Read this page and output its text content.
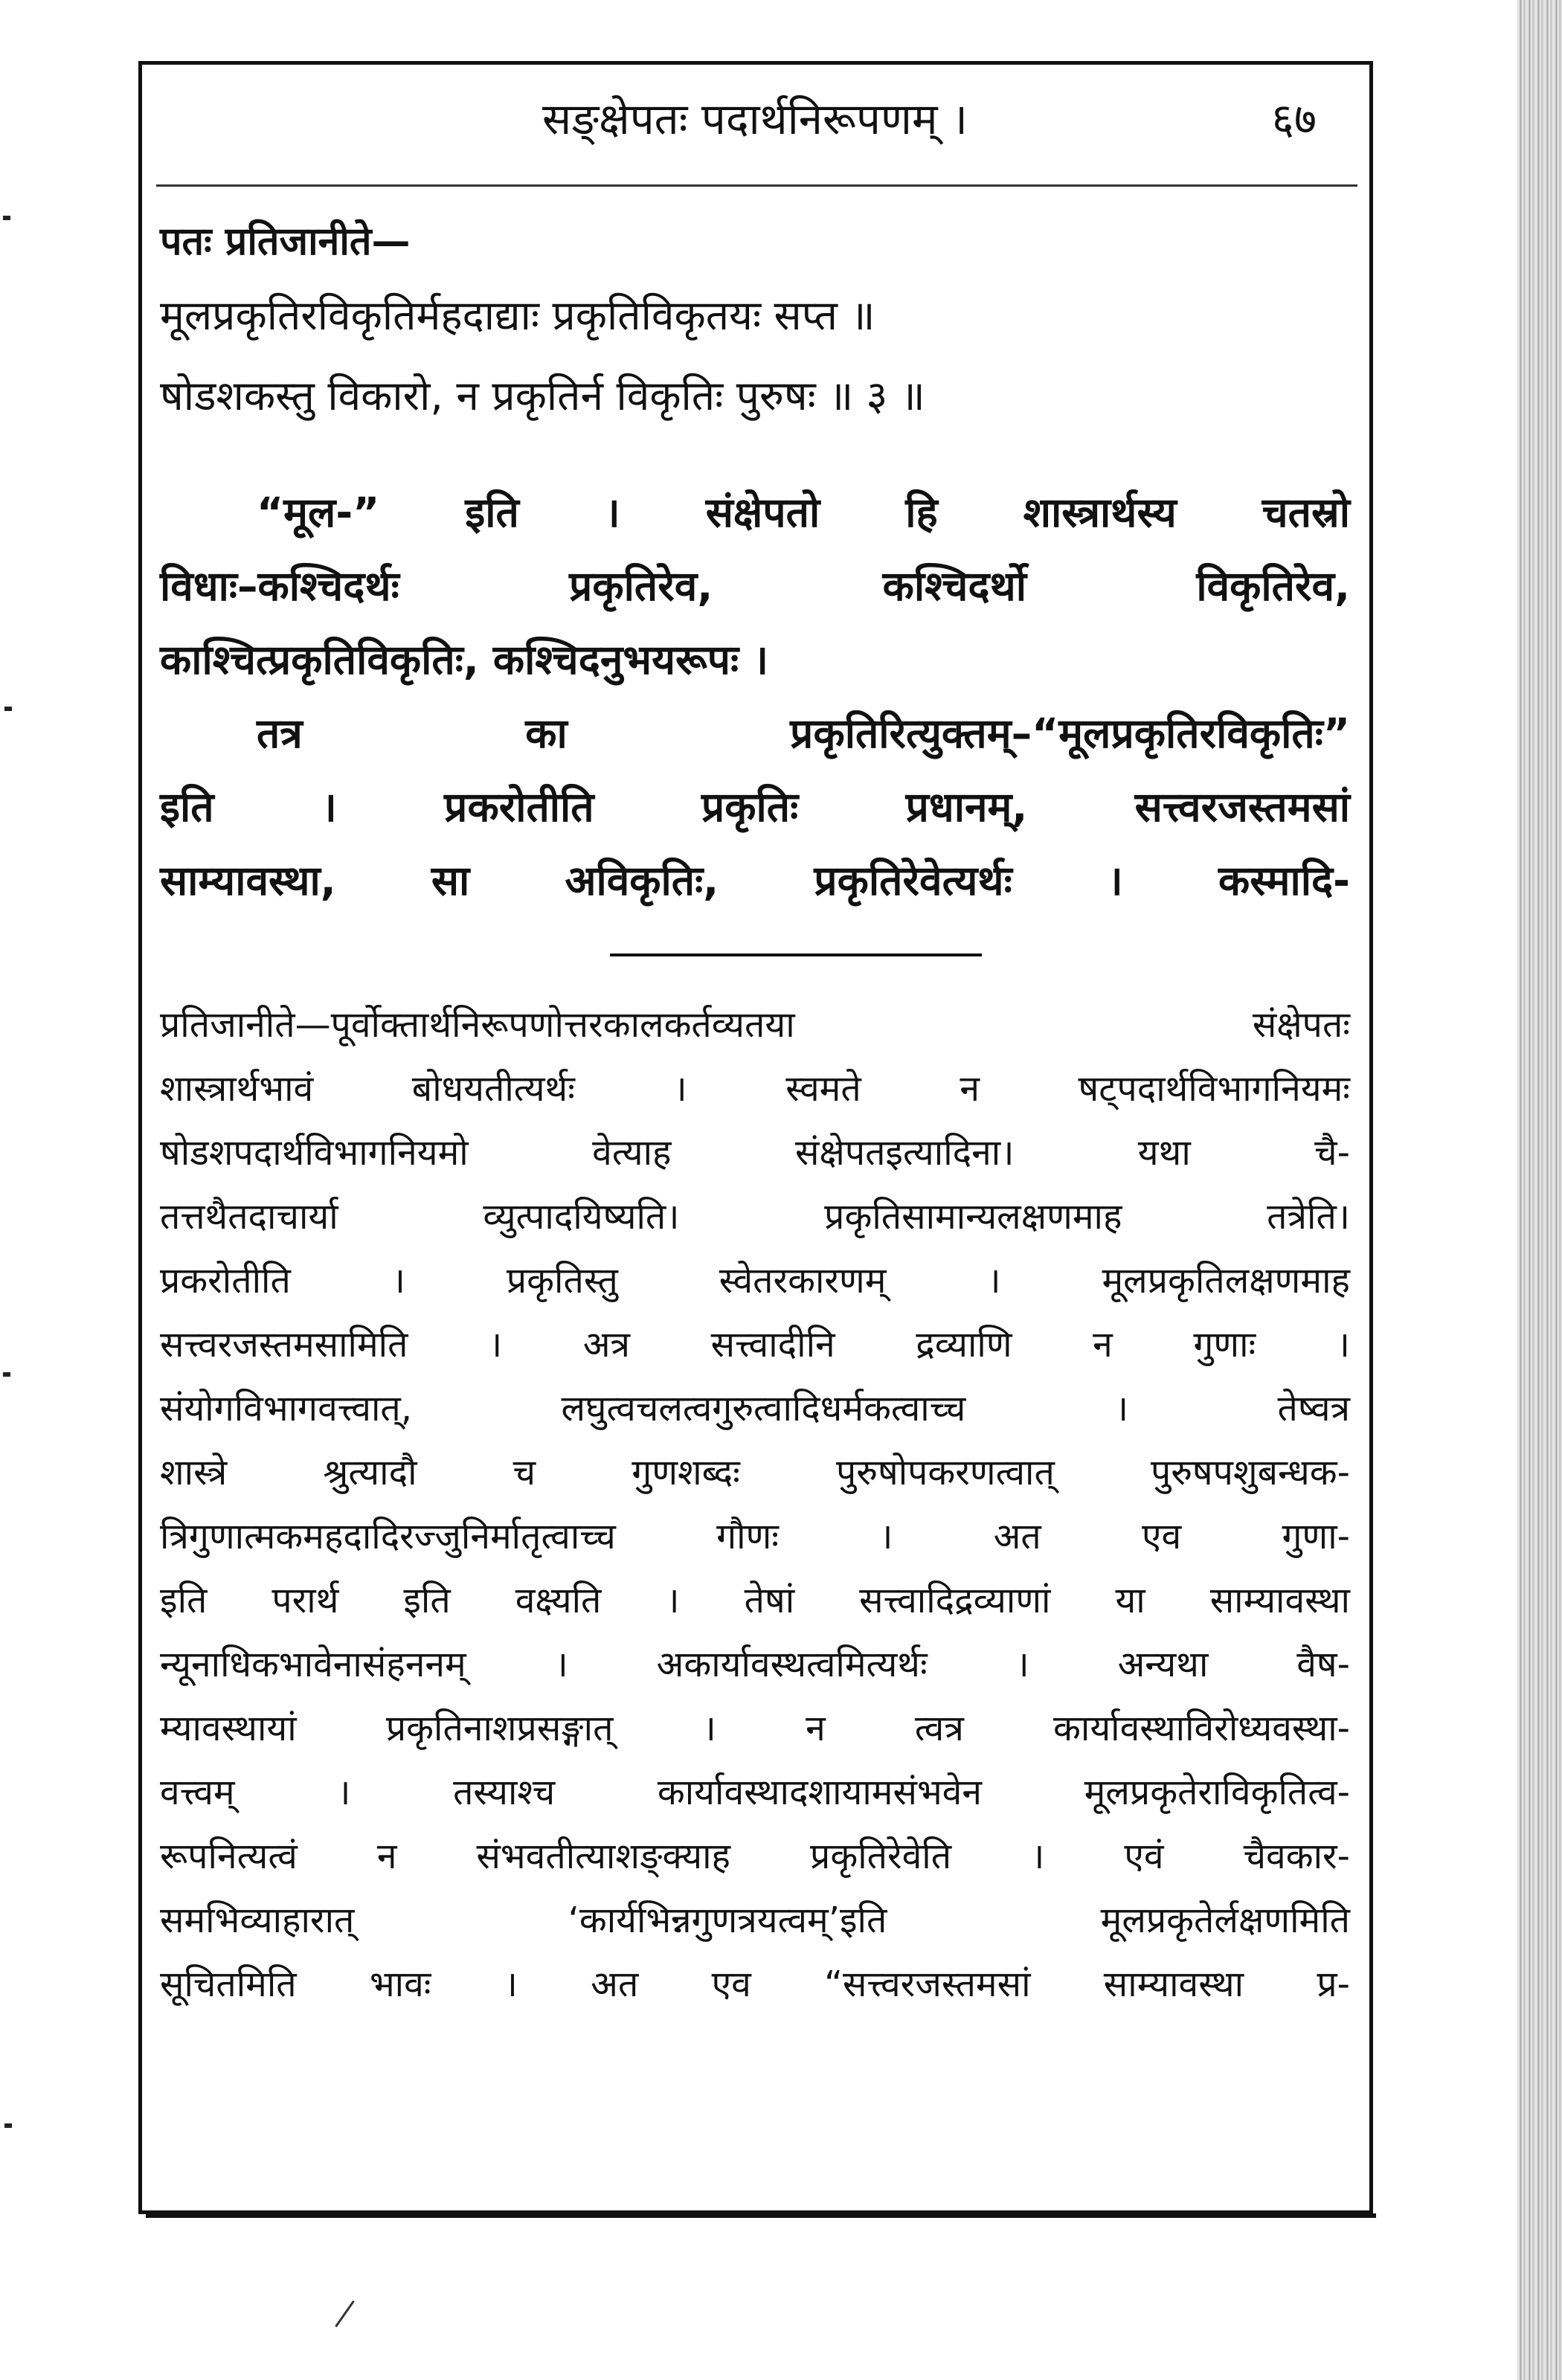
सङ्क्षेपतः पदार्थनिरूपणम् ।	६७
पतः प्रतिजानीते—
मूलप्रकृतिरविकृतिर्महदाद्याः प्रकृतिविकृतयः सप्त ॥
षोडशकस्तु विकारो, न प्रकृतिर्न विकृतिः पुरुषः ॥ ३ ॥
“मूल-” इति । संक्षेपतो हि शास्त्रार्थस्य चतस्रो
विधाः–कश्चिदर्थः प्रकृतिरेव, कश्चिदर्थो विकृतिरेव,
काश्चित्प्रकृतिविकृतिः, कश्चिदनुभयरूपः ।
तत्र का प्रकृतिरित्युक्तम्–“मूलप्रकृतिरविकृतिः”
इति । प्रकरोतीति प्रकृतिः प्रधानम्, सत्त्वरजस्तमसां
साम्यावस्था, सा अविकृतिः, प्रकृतिरेवेत्यर्थः । कस्मादि-
प्रतिजानीते—पूर्वोक्तार्थनिरूपणोत्तरकालकर्तव्यतया संक्षेपतः
शास्त्रार्थभावं बोधयतीत्यर्थः । स्वमते न षट्पदार्थविभागनियमः
षोडशपदार्थविभागनियमो वेत्याह संक्षेपतइत्यादिना। यथा चै-
तत्तथैतदाचार्या व्युत्पादयिष्यति। प्रकृतिसामान्यलक्षणमाह तत्रेति।
प्रकरोतीति । प्रकृतिस्तु स्वेतरकारणम् । मूलप्रकृतिलक्षणमाह
सत्त्वरजस्तमसामिति । अत्र सत्त्वादीनि द्रव्याणि न गुणाः ।
संयोगविभागवत्त्वात्, लघुत्वचलत्वगुरुत्वादिधर्मकत्वाच्च । तेष्वत्र
शास्त्रे श्रुत्यादौ च गुणशब्दः पुरुषोपकरणत्वात् पुरुषपशुबन्धक-
त्रिगुणात्मकमहदादिरज्जुनिर्मातृत्वाच्च गौणः । अत एव गुणा-
इति परार्थ इति वक्ष्यति । तेषां सत्त्वादिद्रव्याणां या साम्यावस्था
न्यूनाधिकभावेनासंहननम् । अकार्यावस्थत्वमित्यर्थः । अन्यथा वैष-
म्यावस्थायां प्रकृतिनाशप्रसङ्गात् । न त्वत्र कार्यावस्थाविरोध्यवस्था-
वत्त्वम् । तस्याश्च कार्यावस्थादशायामसंभवेन मूलप्रकृतेराविकृतित्व-
रूपनित्यत्वं न संभवतीत्याशङ्क्याह प्रकृतिरेवेति । एवं चैवकार-
समभिव्याहारात् ‘कार्यभिन्नगुणत्रयत्वम्’इति मूलप्रकृतेर्लक्षणमिति
सूचितमिति भावः । अत एव “सत्त्वरजस्तमसां साम्यावस्था प्र-
